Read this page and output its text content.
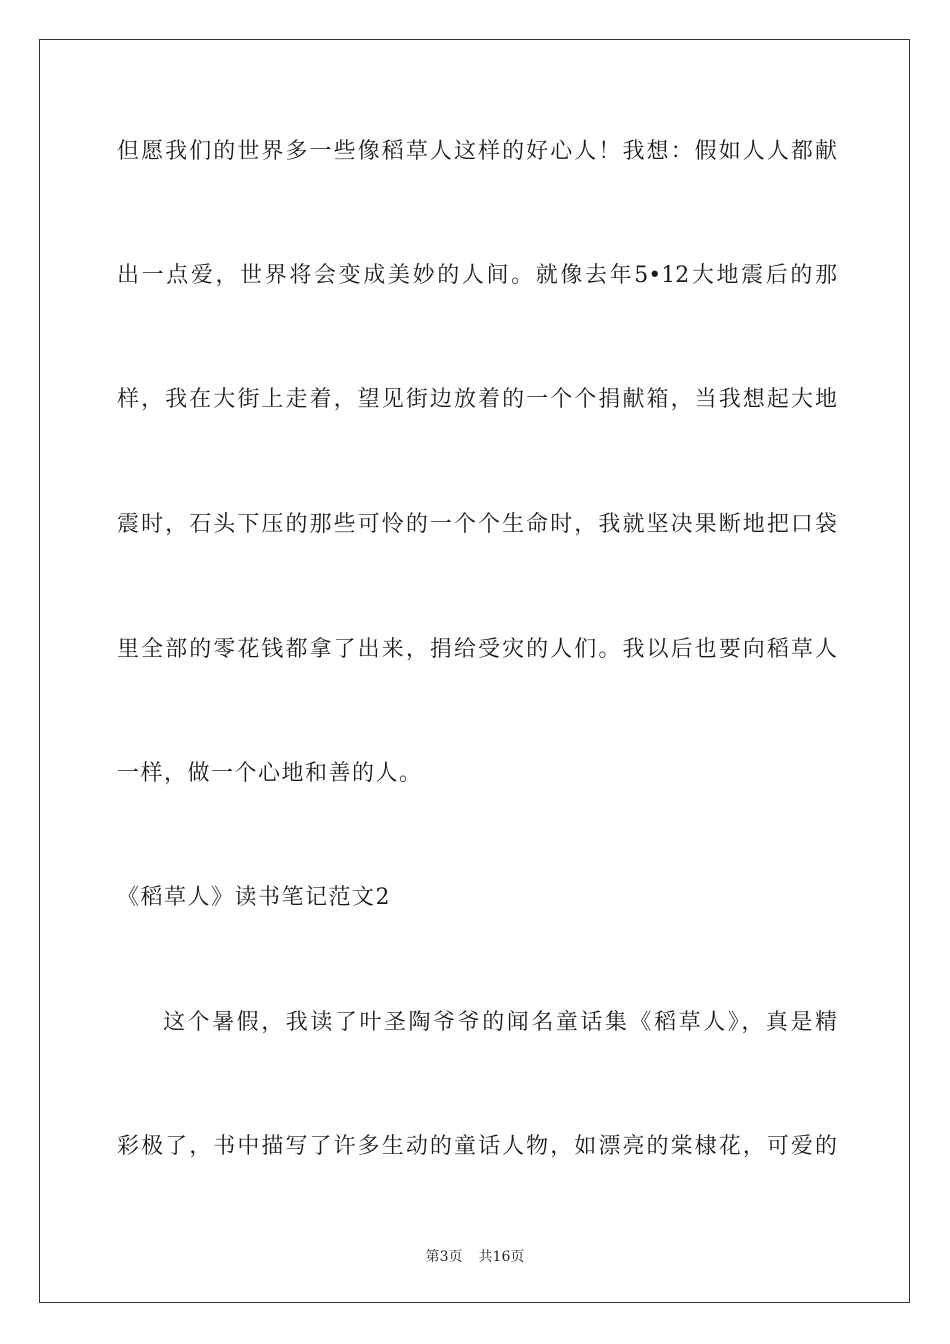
但愿我们的世界多一些像稻草人这样的好心人！我想：假如人人都献
出一点爱，世界将会变成美妙的人间。就像去年5•12大地震后的那
样，我在大街上走着，望见街边放着的一个个捐献箱，当我想起大地
震时，石头下压的那些可怜的一个个生命时，我就坚决果断地把口袋
里全部的零花钱都拿了出来，捐给受灾的人们。我以后也要向稻草人
一样，做一个心地和善的人。
《稻草人》读书笔记范文2
这个暑假，我读了叶圣陶爷爷的闻名童话集《稻草人》，真是精
彩极了，书中描写了许多生动的童话人物，如漂亮的棠棣花，可爱的
第3页 共16页
